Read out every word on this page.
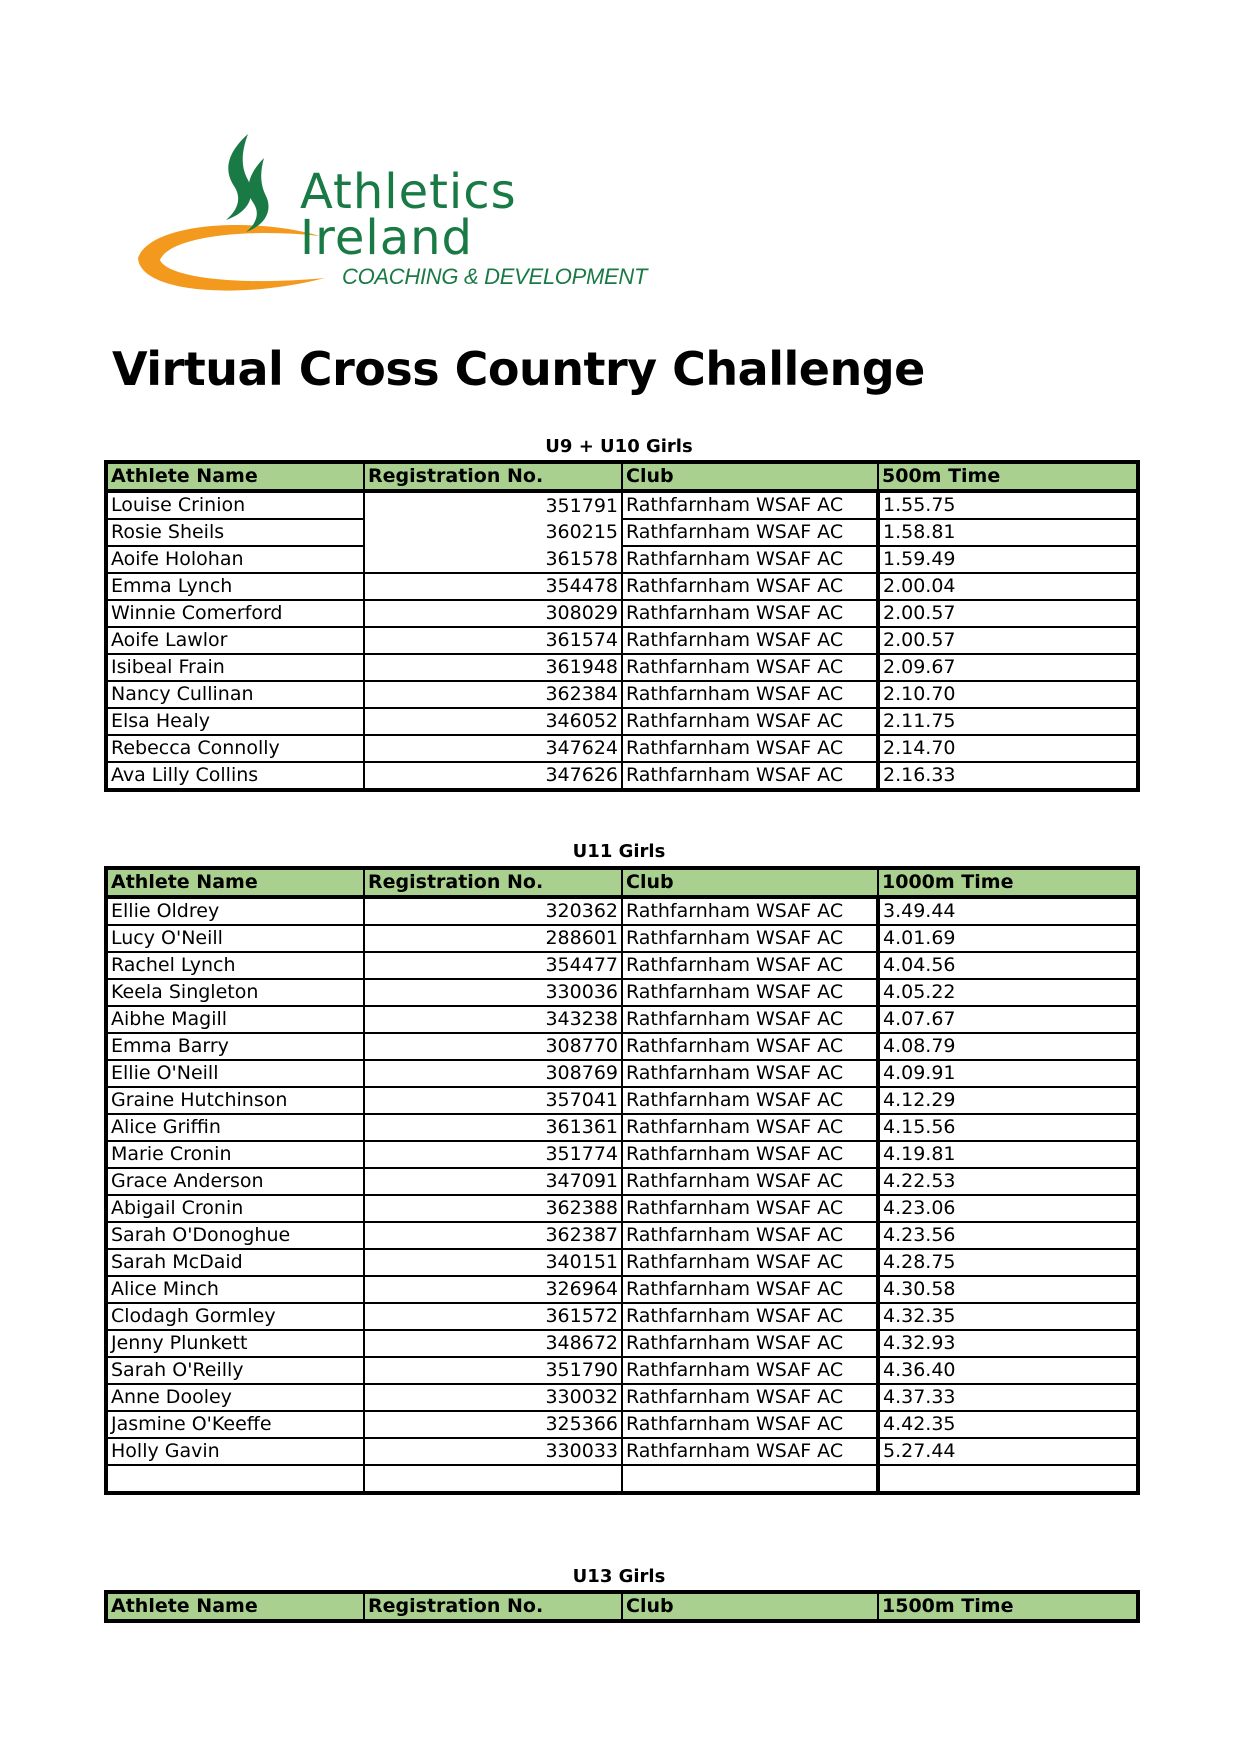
Athletics
Ireland
COACHING & DEVELOPMENT
Virtual Cross Country Challenge
U9 + U10 Girls
Athlete Name	Registration No.	Club	500m Time
Louise Crinion	351791	Rathfarnham WSAF AC	1.55.75
Rosie Sheils	360215	Rathfarnham WSAF AC	1.58.81
Aoife Holohan	361578	Rathfarnham WSAF AC	1.59.49
Emma Lynch	354478	Rathfarnham WSAF AC	2.00.04
Winnie Comerford	308029	Rathfarnham WSAF AC	2.00.57
Aoife Lawlor	361574	Rathfarnham WSAF AC	2.00.57
Isibeal Frain	361948	Rathfarnham WSAF AC	2.09.67
Nancy Cullinan	362384	Rathfarnham WSAF AC	2.10.70
Elsa Healy	346052	Rathfarnham WSAF AC	2.11.75
Rebecca Connolly	347624	Rathfarnham WSAF AC	2.14.70
Ava Lilly Collins	347626	Rathfarnham WSAF AC	2.16.33
U11 Girls
Athlete Name	Registration No.	Club	1000m Time
Ellie Oldrey	320362	Rathfarnham WSAF AC	3.49.44
Lucy O'Neill	288601	Rathfarnham WSAF AC	4.01.69
Rachel Lynch	354477	Rathfarnham WSAF AC	4.04.56
Keela Singleton	330036	Rathfarnham WSAF AC	4.05.22
Aibhe Magill	343238	Rathfarnham WSAF AC	4.07.67
Emma Barry	308770	Rathfarnham WSAF AC	4.08.79
Ellie O'Neill	308769	Rathfarnham WSAF AC	4.09.91
Graine Hutchinson	357041	Rathfarnham WSAF AC	4.12.29
Alice Griffin	361361	Rathfarnham WSAF AC	4.15.56
Marie Cronin	351774	Rathfarnham WSAF AC	4.19.81
Grace Anderson	347091	Rathfarnham WSAF AC	4.22.53
Abigail Cronin	362388	Rathfarnham WSAF AC	4.23.06
Sarah O'Donoghue	362387	Rathfarnham WSAF AC	4.23.56
Sarah McDaid	340151	Rathfarnham WSAF AC	4.28.75
Alice Minch	326964	Rathfarnham WSAF AC	4.30.58
Clodagh Gormley	361572	Rathfarnham WSAF AC	4.32.35
Jenny Plunkett	348672	Rathfarnham WSAF AC	4.32.93
Sarah O'Reilly	351790	Rathfarnham WSAF AC	4.36.40
Anne Dooley	330032	Rathfarnham WSAF AC	4.37.33
Jasmine O'Keeffe	325366	Rathfarnham WSAF AC	4.42.35
Holly Gavin	330033	Rathfarnham WSAF AC	5.27.44

U13 Girls
Athlete Name	Registration No.	Club	1500m Time
